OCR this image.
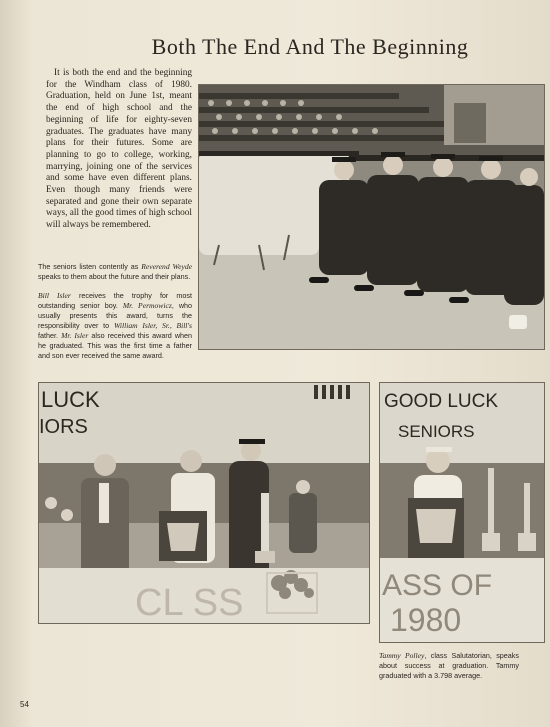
Both The End And The Beginning

It is both the end and the beginning for the Windham class of 1980. Graduation, held on June 1st, meant the end of high school and the beginning of life for eighty-seven graduates. The graduates have many plans for their futures. Some are planning to go to college, working, marrying, joining one of the services and some have even different plans. Even though many friends were separated and gone their own separate ways, all the good times of high school will always be remembered.

The seniors listen contently as Reverend Weyde speaks to them about the future and their plans.

Bill Isler receives the trophy for most outstanding senior boy. Mr. Permowicz, who usually presents this award, turns the responsibility over to William Isler, Sr., Bill's father. Mr. Isler also received this award when he graduated. This was the first time a father and son ever received the same award.

LUCK
IORS
CL SS
GOOD LUCK
SENIORS
ASS OF
1980

Tammy Polley, class Salutatorian, speaks about success at graduation. Tammy graduated with a 3.798 average.

54
